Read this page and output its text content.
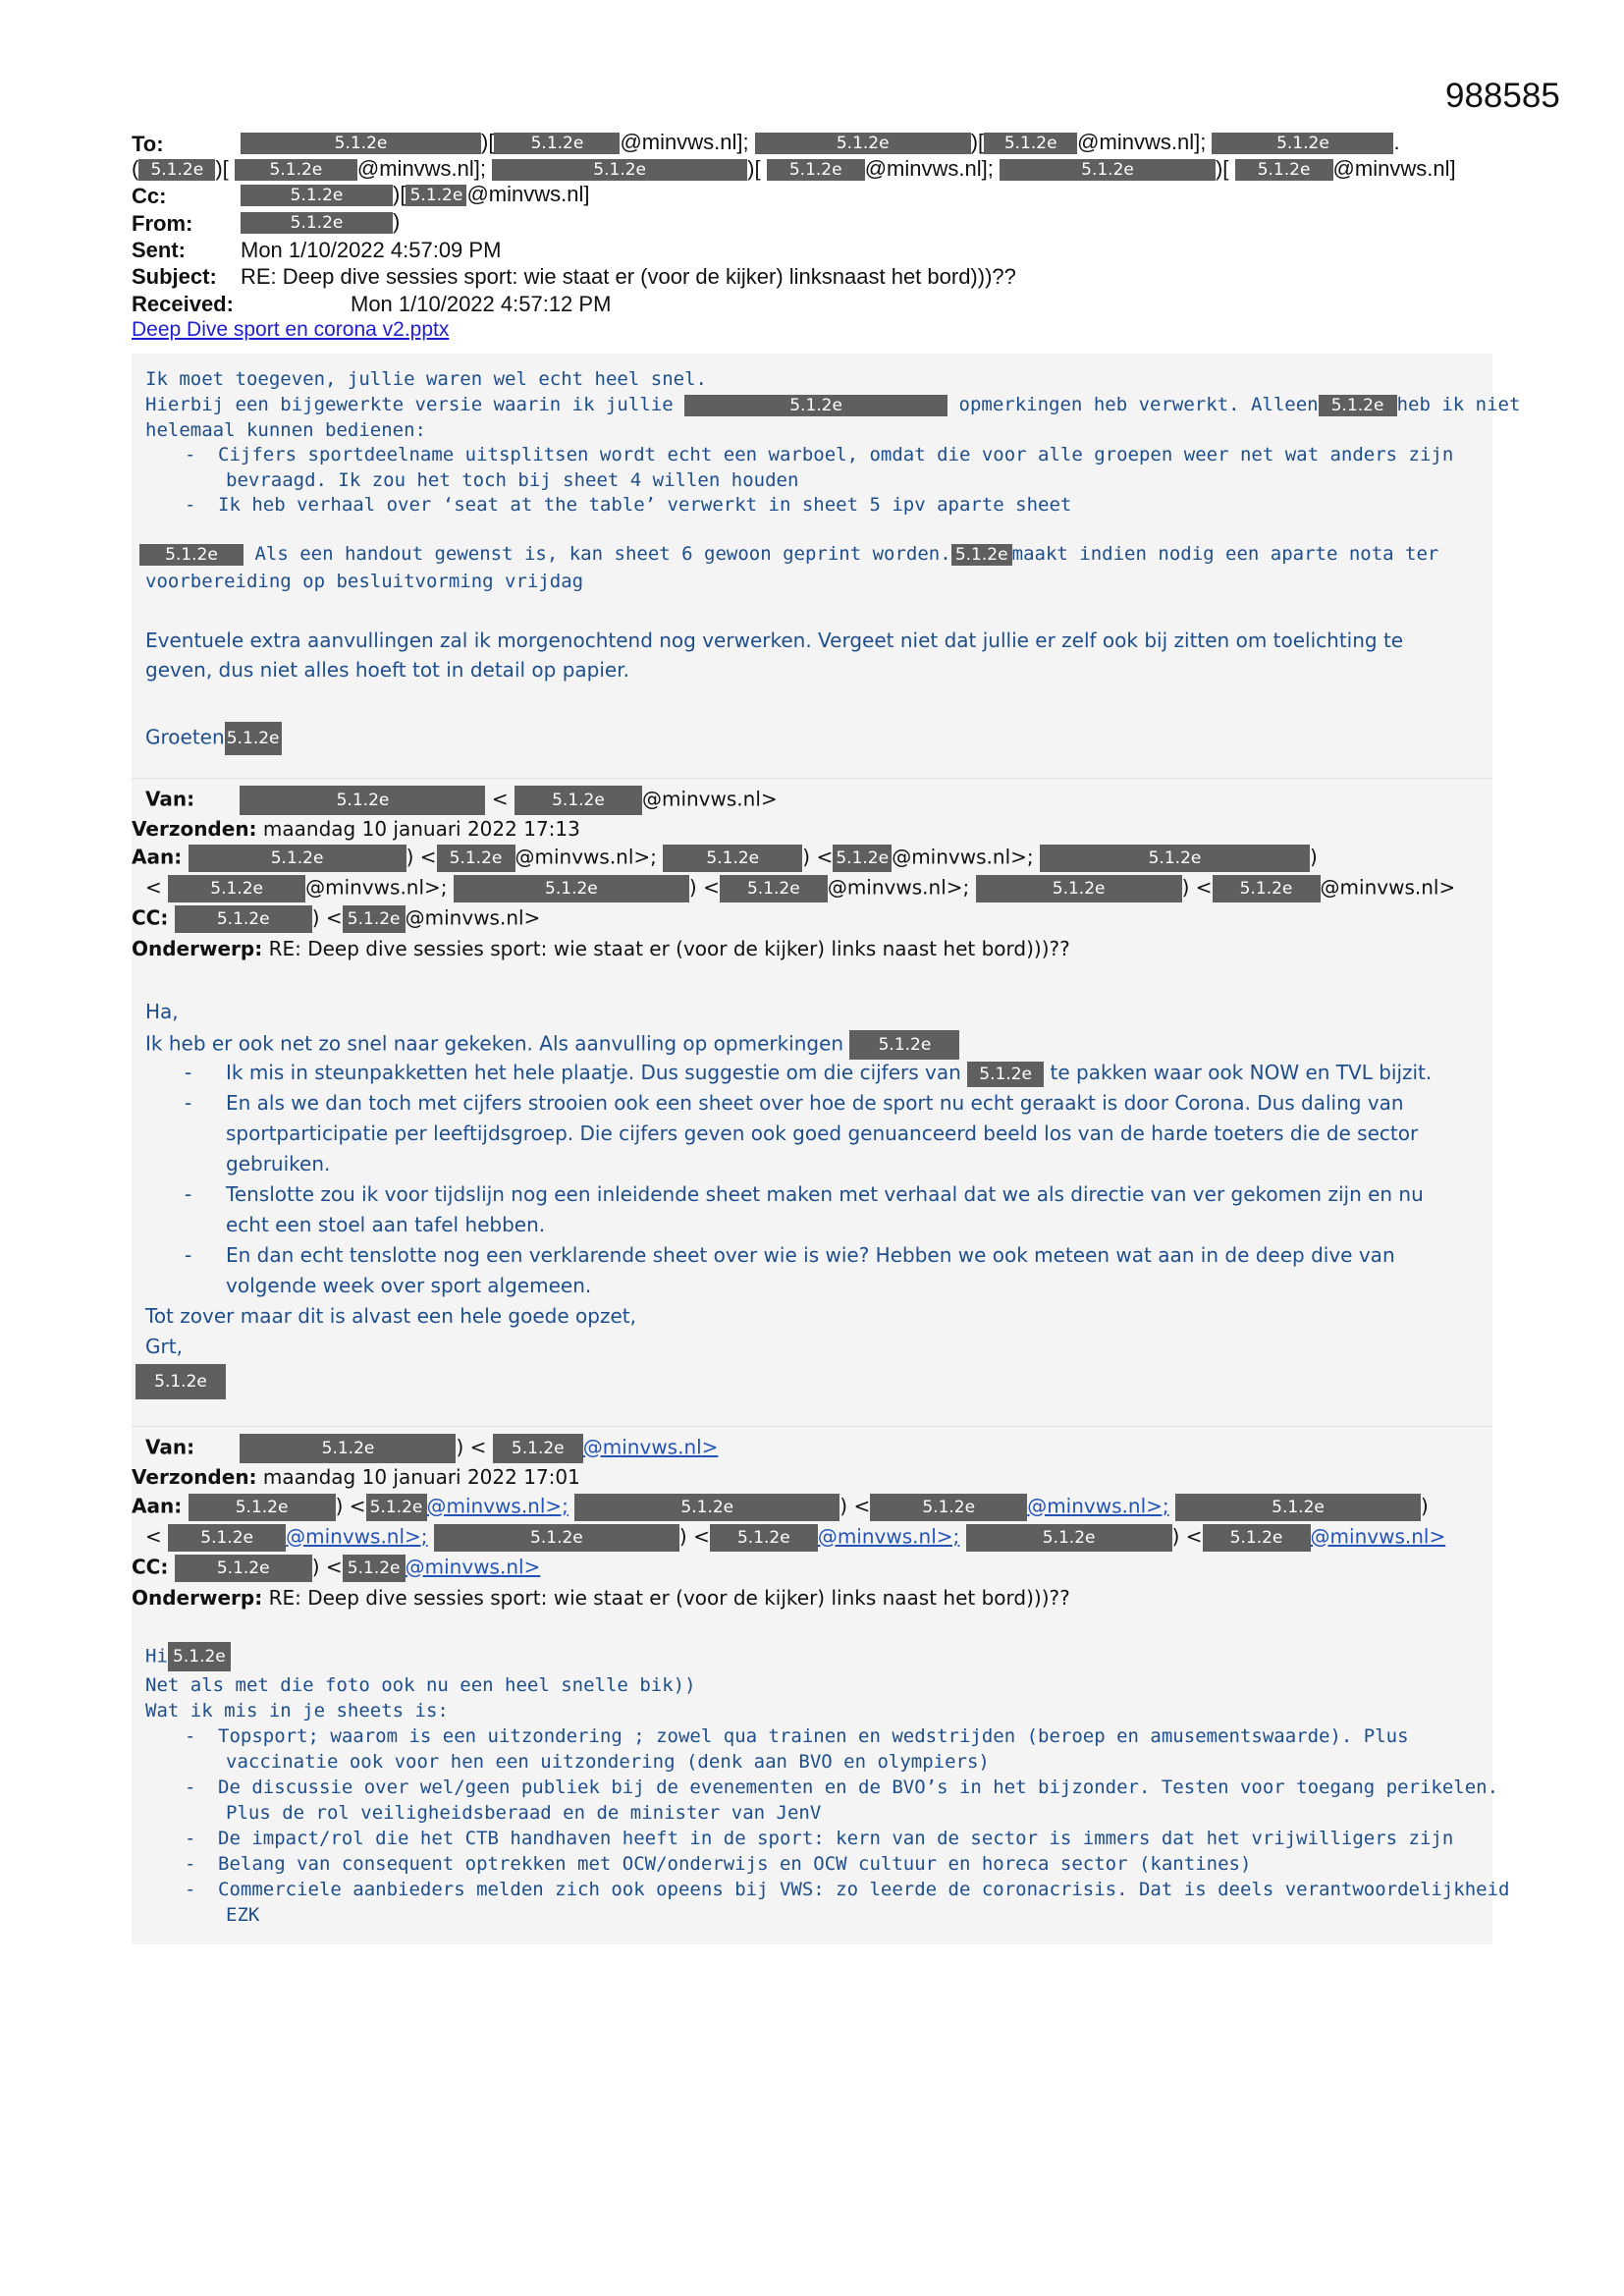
988585
To:	5.1.2e	)[ 5.1.2e @minvws.nl];	5.1.2e	)[ 5.1.2e @minvws.nl];	5.1.2e	.
( 5.1.2e )[ 5.1.2e @minvws.nl];	5.1.2e	)[ 5.1.2e @minvws.nl];	5.1.2e	)[ 5.1.2e @minvws.nl]
Cc:	5.1.2e )[ 5.1.2e @minvws.nl]
From:	5.1.2e )
Sent:	Mon 1/10/2022 4:57:09 PM
Subject: RE: Deep dive sessies sport: wie staat er (voor de kijker) linksnaast het bord)))??
Received:	Mon 1/10/2022 4:57:12 PM
Deep Dive sport en corona v2.pptx
Ik moet toegeven, jullie waren wel echt heel snel.
Hierbij een bijgewerkte versie waarin ik jullie	5.1.2e	opmerkingen heb verwerkt. Alleen 5.1.2e heb ik niet
helemaal kunnen bedienen:
- Cijfers sportdeelname uitsplitsen wordt echt een warboel, omdat die voor alle groepen weer net wat anders zijn
bevraagd. Ik zou het toch bij sheet 4 willen houden
- Ik heb verhaal over ‘seat at the table’ verwerkt in sheet 5 ipv aparte sheet
5.1.2e Als een handout gewenst is, kan sheet 6 gewoon geprint worden. 5.1.2e maakt indien nodig een aparte nota ter
voorbereiding op besluitvorming vrijdag
Eventuele extra aanvullingen zal ik morgenochtend nog verwerken. Vergeet niet dat jullie er zelf ook bij zitten om toelichting te
geven, dus niet alles hoeft tot in detail op papier.
Groeten 5.1.2e
Van:	5.1.2e	< 5.1.2e @minvws.nl>
Verzonden: maandag 10 januari 2022 17:13
Aan:	5.1.2e	) < 5.1.2e @minvws.nl>;	5.1.2e ) < 5.1.2e @minvws.nl>;	5.1.2e	)
<	5.1.2e @minvws.nl>;	5.1.2e	) < 5.1.2e @minvws.nl>;	5.1.2e	) < 5.1.2e @minvws.nl>
CC:	5.1.2e ) < 5.1.2e @minvws.nl>
Onderwerp: RE: Deep dive sessies sport: wie staat er (voor de kijker) links naast het bord)))??
Ha,
Ik heb er ook net zo snel naar gekeken. Als aanvulling op opmerkingen 5.1.2e
- Ik mis in steunpakketten het hele plaatje. Dus suggestie om die cijfers van 5.1.2e te pakken waar ook NOW en TVL bijzit.
- En als we dan toch met cijfers strooien ook een sheet over hoe de sport nu echt geraakt is door Corona. Dus daling van
sportparticipatie per leeftijdsgroep. Die cijfers geven ook goed genuanceerd beeld los van de harde toeters die de sector
gebruiken.
- Tenslotte zou ik voor tijdslijn nog een inleidende sheet maken met verhaal dat we als directie van ver gekomen zijn en nu
echt een stoel aan tafel hebben.
- En dan echt tenslotte nog een verklarende sheet over wie is wie? Hebben we ook meteen wat aan in de deep dive van
volgende week over sport algemeen.
Tot zover maar dit is alvast een hele goede opzet,
Grt,
5.1.2e
Van:	5.1.2e	) < 5.1.2e @minvws.nl>
Verzonden: maandag 10 januari 2022 17:01
Aan:	5.1.2e ) < 5.1.2e @minvws.nl>;	5.1.2e	) <	5.1.2e	@minvws.nl>;	5.1.2e	)
< 5.1.2e @minvws.nl>;	5.1.2e	) < 5.1.2e @minvws.nl>;	5.1.2e	) < 5.1.2e @minvws.nl>
CC:	5.1.2e ) < 5.1.2e @minvws.nl>
Onderwerp: RE: Deep dive sessies sport: wie staat er (voor de kijker) links naast het bord)))??
Hi 5.1.2e
Net als met die foto ook nu een heel snelle bik))
Wat ik mis in je sheets is:
- Topsport; waarom is een uitzondering ; zowel qua trainen en wedstrijden (beroep en amusementswaarde). Plus
vaccinatie ook voor hen een uitzondering (denk aan BVO en olympiers)
- De discussie over wel/geen publiek bij de evenementen en de BVO’s in het bijzonder. Testen voor toegang perikelen.
Plus de rol veiligheidsberaad en de minister van JenV
- De impact/rol die het CTB handhaven heeft in de sport: kern van de sector is immers dat het vrijwilligers zijn
- Belang van consequent optrekken met OCW/onderwijs en OCW cultuur en horeca sector (kantines)
- Commerciele aanbieders melden zich ook opeens bij VWS: zo leerde de coronacrisis. Dat is deels verantwoordelijkheid
EZK
